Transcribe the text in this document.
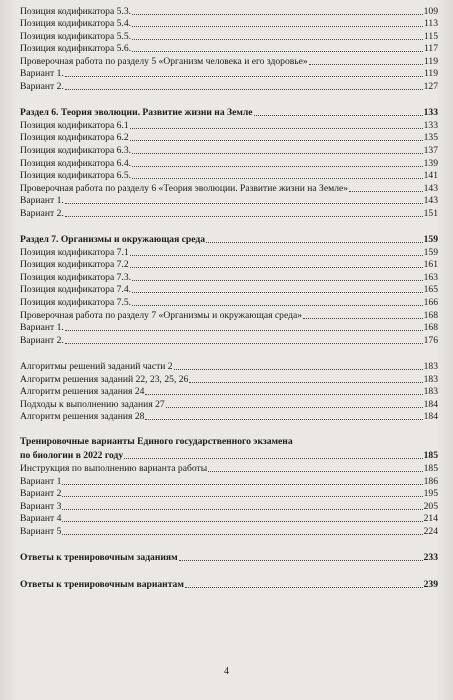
Позиция кодификатора 5.3.	109
Позиция кодификатора 5.4.	113
Позиция кодификатора 5.5.	115
Позиция кодификатора 5.6.	117
Проверочная работа по разделу 5 «Организм человека и его здоровье»	119
Вариант 1.	119
Вариант 2.	127
Раздел 6. Теория эволюции. Развитие жизни на Земле	133
Позиция кодификатора 6.1	133
Позиция кодификатора 6.2	135
Позиция кодификатора 6.3.	137
Позиция кодификатора 6.4.	139
Позиция кодификатора 6.5.	141
Проверочная работа по разделу 6 «Теория эволюции. Развитие жизни на Земле»	143
Вариант 1.	143
Вариант 2.	151
Раздел 7. Организмы и окружающая среда	159
Позиция кодификатора 7.1	159
Позиция кодификатора 7.2	161
Позиция кодификатора 7.3.	163
Позиция кодификатора 7.4.	165
Позиция кодификатора 7.5.	166
Проверочная работа по разделу 7 «Организмы и окружающая среда»	168
Вариант 1.	168
Вариант 2.	176
Алгоритмы решений заданий части 2	183
Алгоритм решения заданий 22, 23, 25, 26	183
Алгоритм решения задания 24	183
Подходы к выполнению задания 27	184
Алгоритм решения задания 28	184
Тренировочные варианты Единого государственного экзамена
по биологии в 2022 году	185
Инструкция по выполнению варианта работы	185
Вариант 1	186
Вариант 2	195
Вариант 3	205
Вариант 4	214
Вариант 5	224
Ответы к тренировочным заданиям	233
Ответы к тренировочным вариантам	239
4
